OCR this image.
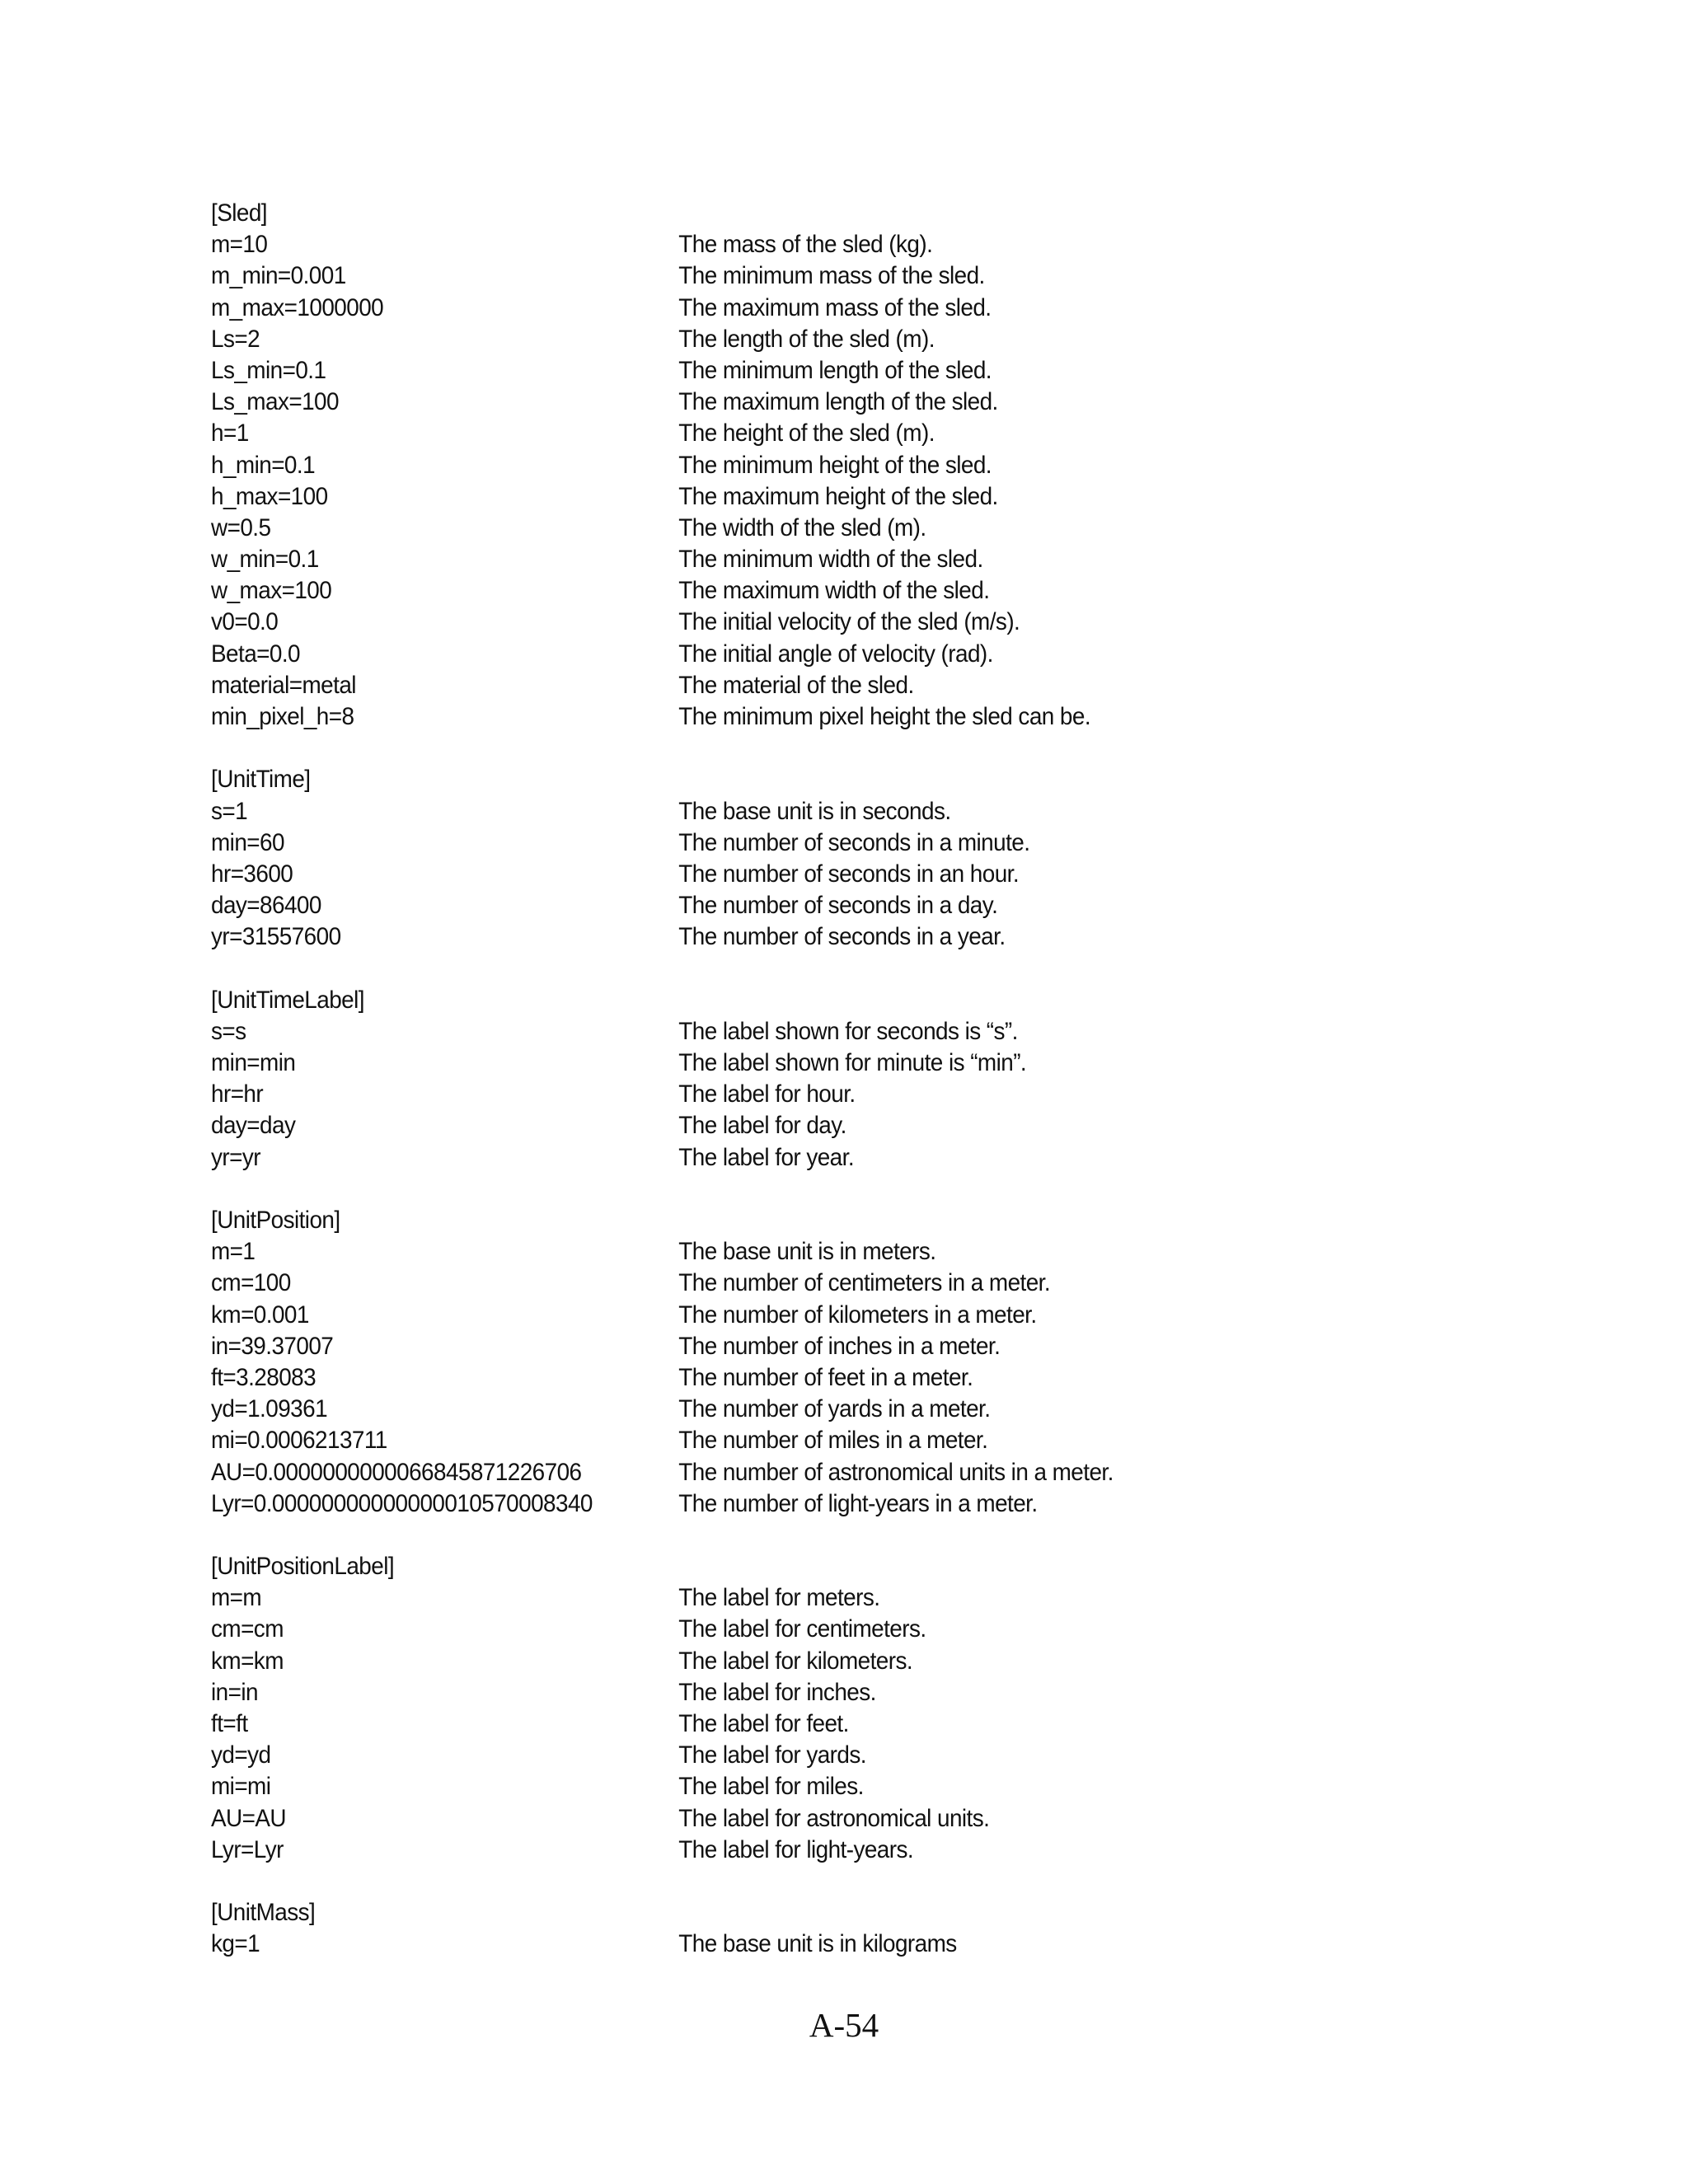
[Sled]
m=10	The mass of the sled (kg).
m_min=0.001	The minimum mass of the sled.
m_max=1000000	The maximum mass of the sled.
Ls=2	The length of the sled (m).
Ls_min=0.1	The minimum length of the sled.
Ls_max=100	The maximum length of the sled.
h=1	The height of the sled (m).
h_min=0.1	The minimum height of the sled.
h_max=100	The maximum height of the sled.
w=0.5	The width of the sled (m).
w_min=0.1	The minimum width of the sled.
w_max=100	The maximum width of the sled.
v0=0.0	The initial velocity of the sled (m/s).
Beta=0.0	The initial angle of velocity (rad).
material=metal	The material of the sled.
min_pixel_h=8	The minimum pixel height the sled can be.
[UnitTime]
s=1	The base unit is in seconds.
min=60	The number of seconds in a minute.
hr=3600	The number of seconds in an hour.
day=86400	The number of seconds in a day.
yr=31557600	The number of seconds in a year.
[UnitTimeLabel]
s=s	The label shown for seconds is “s”.
min=min	The label shown for minute is “min”.
hr=hr	The label for hour.
day=day	The label for day.
yr=yr	The label for year.
[UnitPosition]
m=1	The base unit is in meters.
cm=100	The number of centimeters in a meter.
km=0.001	The number of kilometers in a meter.
in=39.37007	The number of inches in a meter.
ft=3.28083	The number of feet in a meter.
yd=1.09361	The number of yards in a meter.
mi=0.0006213711	The number of miles in a meter.
AU=0.0000000000066845871226706	The number of astronomical units in a meter.
Lyr=0.00000000000000010570008340	The number of light-years in a meter.
[UnitPositionLabel]
m=m	The label for meters.
cm=cm	The label for centimeters.
km=km	The label for kilometers.
in=in	The label for inches.
ft=ft	The label for feet.
yd=yd	The label for yards.
mi=mi	The label for miles.
AU=AU	The label for astronomical units.
Lyr=Lyr	The label for light-years.
[UnitMass]
kg=1	The base unit is in kilograms
A-54
